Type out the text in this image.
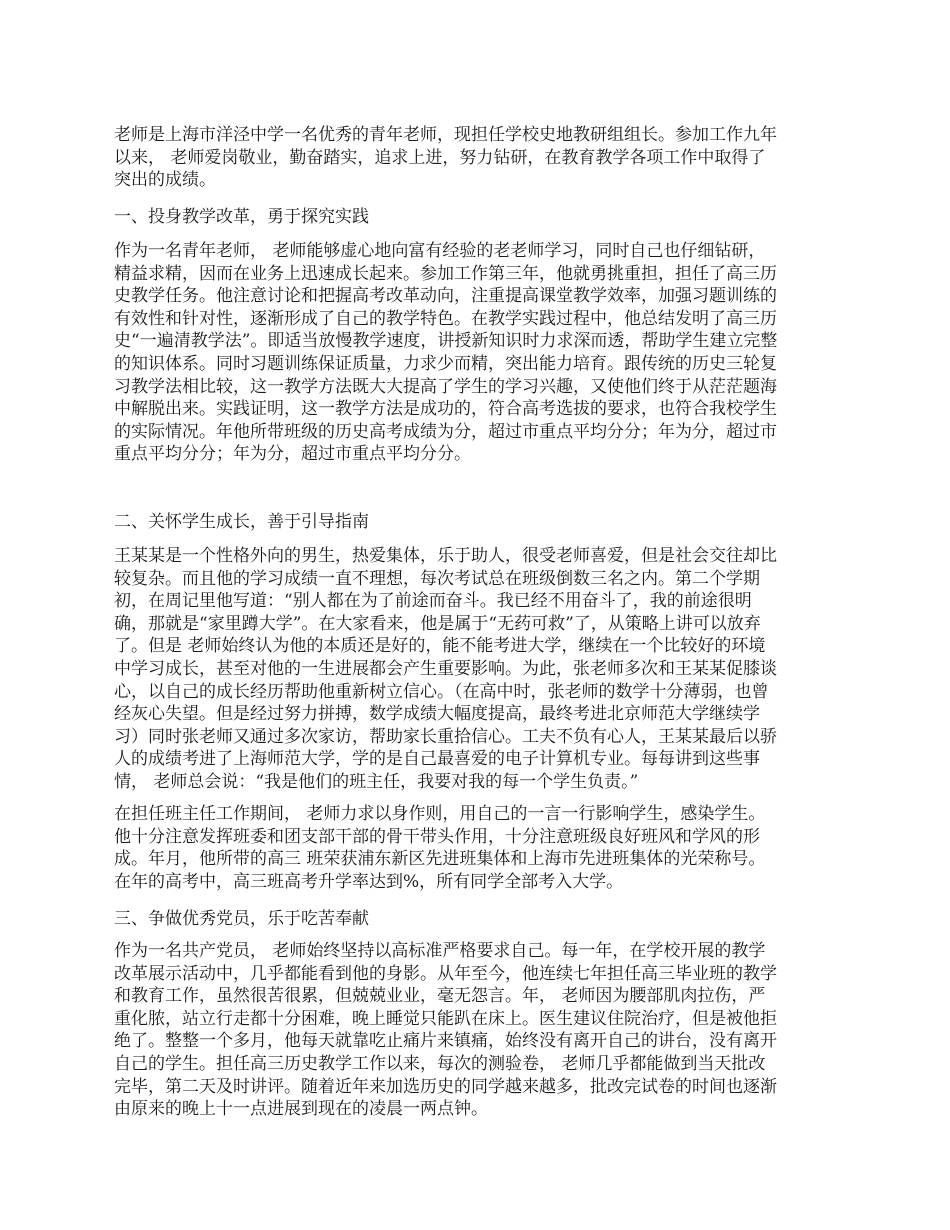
老师是上海市洋泾中学一名优秀的青年老师，现担任学校史地教研组组长。参加工作九年
以来， 老师爱岗敬业，勤奋踏实，追求上进，努力钻研，在教育教学各项工作中取得了
突出的成绩。
一、投身教学改革，勇于探究实践
作为一名青年老师， 老师能够虚心地向富有经验的老老师学习，同时自己也仔细钻研，
精益求精，因而在业务上迅速成长起来。参加工作第三年，他就勇挑重担，担任了高三历
史教学任务。他注意讨论和把握高考改革动向，注重提高课堂教学效率，加强习题训练的
有效性和针对性，逐渐形成了自己的教学特色。在教学实践过程中，他总结发明了高三历
史“一遍清教学法”。即适当放慢教学速度，讲授新知识时力求深而透，帮助学生建立完整
的知识体系。同时习题训练保证质量，力求少而精，突出能力培育。跟传统的历史三轮复
习教学法相比较，这一教学方法既大大提高了学生的学习兴趣，又使他们终于从茫茫题海
中解脱出来。实践证明，这一教学方法是成功的，符合高考选拔的要求，也符合我校学生
的实际情况。年他所带班级的历史高考成绩为分，超过市重点平均分分；年为分，超过市
重点平均分分；年为分，超过市重点平均分分。
二、关怀学生成长，善于引导指南
王某某是一个性格外向的男生，热爱集体，乐于助人，很受老师喜爱，但是社会交往却比
较复杂。而且他的学习成绩一直不理想，每次考试总在班级倒数三名之内。第二个学期
初，在周记里他写道：“别人都在为了前途而奋斗。我已经不用奋斗了，我的前途很明
确，那就是“家里蹲大学”。在大家看来，他是属于“无药可救”了，从策略上讲可以放弃
了。但是 老师始终认为他的本质还是好的，能不能考进大学，继续在一个比较好的环境
中学习成长，甚至对他的一生进展都会产生重要影响。为此，张老师多次和王某某促膝谈
心，以自己的成长经历帮助他重新树立信心。（在高中时，张老师的数学十分薄弱，也曾
经灰心失望。但是经过努力拼搏，数学成绩大幅度提高，最终考进北京师范大学继续学
习）同时张老师又通过多次家访，帮助家长重拾信心。工夫不负有心人，王某某最后以骄
人的成绩考进了上海师范大学，学的是自己最喜爱的电子计算机专业。每每讲到这些事
情， 老师总会说：“我是他们的班主任，我要对我的每一个学生负责。”
在担任班主任工作期间， 老师力求以身作则，用自己的一言一行影响学生，感染学生。
他十分注意发挥班委和团支部干部的骨干带头作用，十分注意班级良好班风和学风的形
成。年月，他所带的高三 班荣获浦东新区先进班集体和上海市先进班集体的光荣称号。
在年的高考中，高三班高考升学率达到%，所有同学全部考入大学。
三、争做优秀党员，乐于吃苦奉献
作为一名共产党员， 老师始终坚持以高标准严格要求自己。每一年，在学校开展的教学
改革展示活动中，几乎都能看到他的身影。从年至今，他连续七年担任高三毕业班的教学
和教育工作，虽然很苦很累，但兢兢业业，毫无怨言。年， 老师因为腰部肌肉拉伤，严
重化脓，站立行走都十分困难，晚上睡觉只能趴在床上。医生建议住院治疗，但是被他拒
绝了。整整一个多月，他每天就靠吃止痛片来镇痛，始终没有离开自己的讲台，没有离开
自己的学生。担任高三历史教学工作以来，每次的测验卷， 老师几乎都能做到当天批改
完毕，第二天及时讲评。随着近年来加选历史的同学越来越多，批改完试卷的时间也逐渐
由原来的晚上十一点进展到现在的凌晨一两点钟。
